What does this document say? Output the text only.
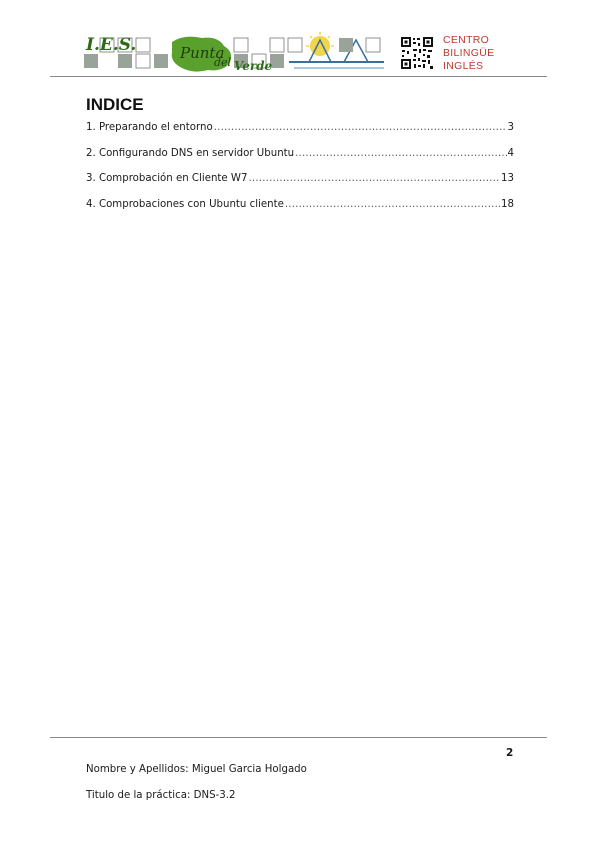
I.E.S.	Punta
del Verde
CENTRO
BILINGÜE
INGLÉS
INDICE
1. Preparando el entorno .....	3
2. Configurando DNS en servidor Ubuntu .....	4
3. Comprobación en Cliente W7 .....	13
4. Comprobaciones con Ubuntu cliente .....	18
2
Nombre y Apellidos: Miguel Garcia Holgado
Titulo de la práctica: DNS-3.2
